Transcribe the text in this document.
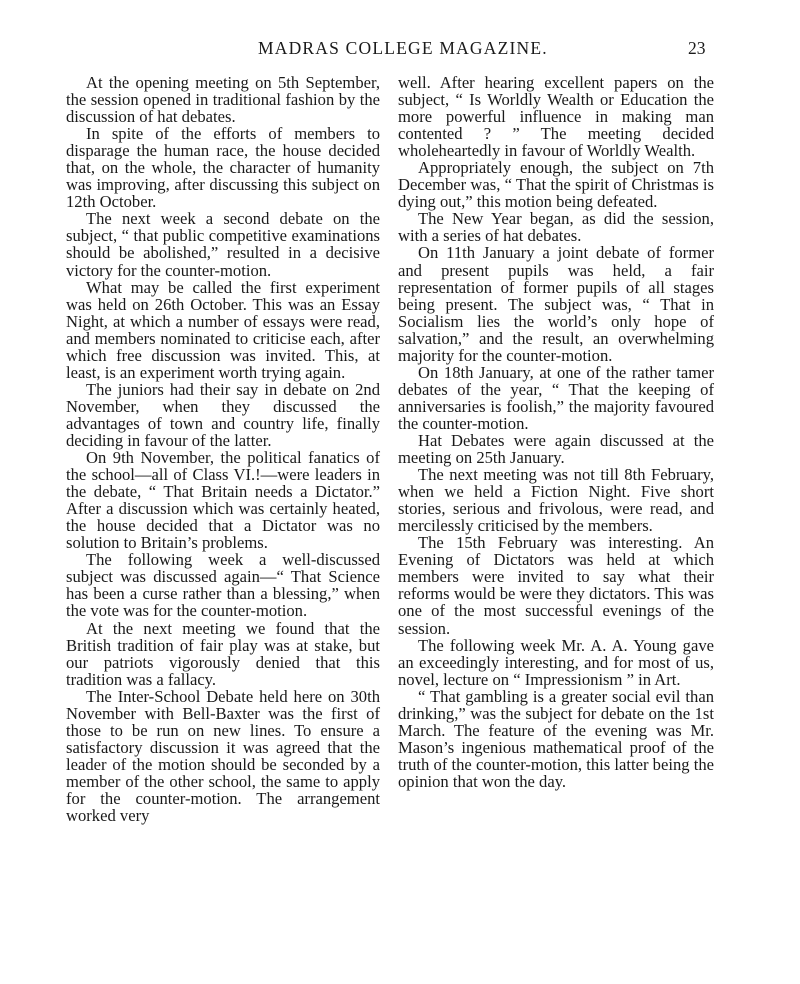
MADRAS COLLEGE MAGAZINE.	23

At the opening meeting on 5th September, the session opened in traditional fashion by the discussion of hat debates.

In spite of the efforts of members to disparage the human race, the house decided that, on the whole, the character of humanity was improving, after discussing this subject on 12th October.

The next week a second debate on the subject, “ that public competitive examinations should be abolished,” resulted in a decisive victory for the counter-motion.

What may be called the first experiment was held on 26th October. This was an Essay Night, at which a number of essays were read, and members nominated to criticise each, after which free discussion was invited. This, at least, is an experiment worth trying again.

The juniors had their say in debate on 2nd November, when they discussed the advantages of town and country life, finally deciding in favour of the latter.

On 9th November, the political fanatics of the school—all of Class VI.!—were leaders in the debate, “ That Britain needs a Dictator.” After a discussion which was certainly heated, the house decided that a Dictator was no solution to Britain’s problems.

The following week a well-discussed subject was discussed again—“ That Science has been a curse rather than a blessing,” when the vote was for the counter-motion.

At the next meeting we found that the British tradition of fair play was at stake, but our patriots vigorously denied that this tradition was a fallacy.

The Inter-School Debate held here on 30th November with Bell-Baxter was the first of those to be run on new lines. To ensure a satisfactory discussion it was agreed that the leader of the motion should be seconded by a member of the other school, the same to apply for the counter-motion. The arrangement worked very

well. After hearing excellent papers on the subject, “ Is Worldly Wealth or Education the more powerful influence in making man contented ? ” The meeting decided wholeheartedly in favour of Worldly Wealth.

Appropriately enough, the subject on 7th December was, “ That the spirit of Christmas is dying out,” this motion being defeated.

The New Year began, as did the session, with a series of hat debates.

On 11th January a joint debate of former and present pupils was held, a fair representation of former pupils of all stages being present. The subject was, “ That in Socialism lies the world’s only hope of salvation,” and the result, an overwhelming majority for the counter-motion.

On 18th January, at one of the rather tamer debates of the year, “ That the keeping of anniversaries is foolish,” the majority favoured the counter-motion.

Hat Debates were again discussed at the meeting on 25th January.

The next meeting was not till 8th February, when we held a Fiction Night. Five short stories, serious and frivolous, were read, and mercilessly criticised by the members.

The 15th February was interesting. An Evening of Dictators was held at which members were invited to say what their reforms would be were they dictators. This was one of the most successful evenings of the session.

The following week Mr. A. A. Young gave an exceedingly interesting, and for most of us, novel, lecture on “ Impressionism ” in Art.

“ That gambling is a greater social evil than drinking,” was the subject for debate on the 1st March. The feature of the evening was Mr. Mason’s ingenious mathematical proof of the truth of the counter-motion, this latter being the opinion that won the day.
